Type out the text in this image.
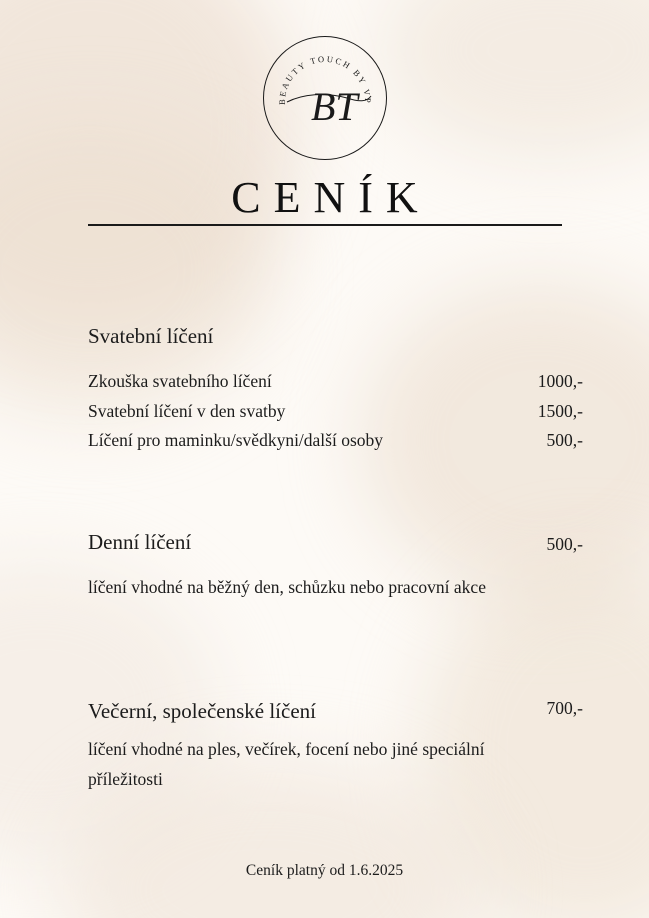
BEAUTY TOUCH BY VP
BT
CENÍK
Svatební líčení
Zkouška svatebního líčení	1000,-
Svatební líčení v den svatby	1500,-
Líčení pro maminku/svědkyni/další osoby	500,-
Denní líčení	500,-
líčení vhodné na běžný den, schůzku nebo pracovní akce
Večerní, společenské líčení	700,-
líčení vhodné na ples, večírek, focení nebo jiné speciální
příležitosti
Ceník platný od 1.6.2025
